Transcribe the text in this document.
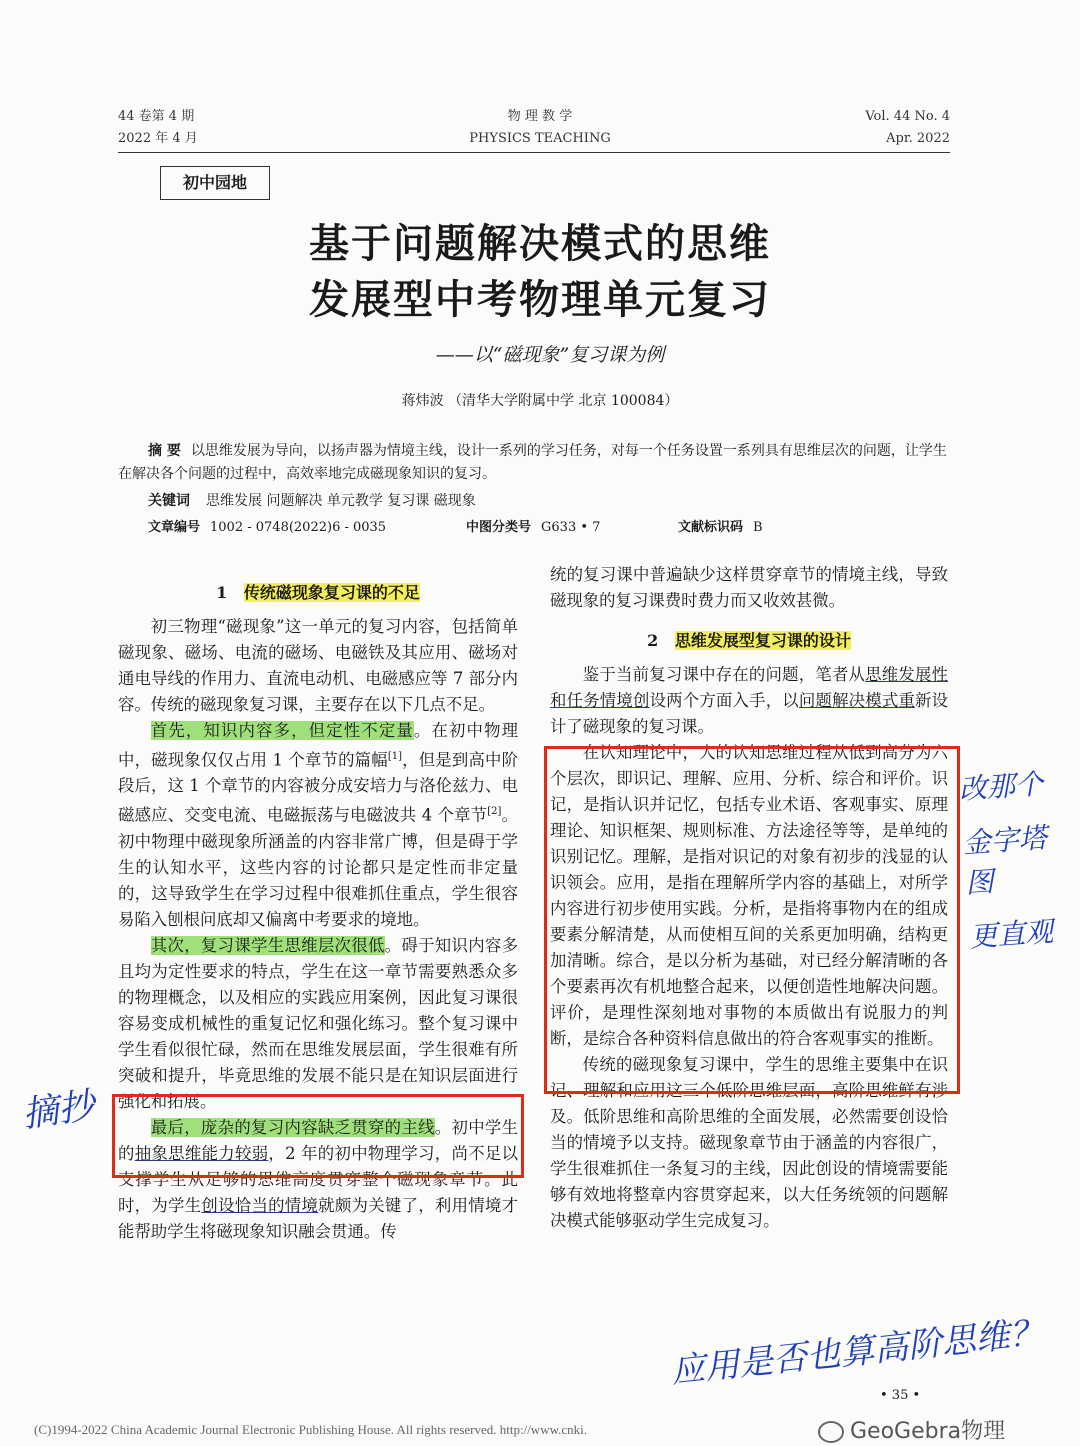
44 卷第 4 期
2022 年 4 月
物 理 教 学
PHYSICS TEACHING
Vol. 44 No. 4
Apr. 2022
初中园地
基于问题解决模式的思维
发展型中考物理单元复习
——以“磁现象”复习课为例
蒋炜波 （清华大学附属中学 北京 100084）
摘 要 以思维发展为导向，以扬声器为情境主线，设计一系列的学习任务，对每一个任务设置一系列具有思维层次的问题，让学生在解决各个问题的过程中，高效率地完成磁现象知识的复习。
关键词 思维发展 问题解决 单元教学 复习课 磁现象
文章编号 1002 - 0748(2022)6 - 0035	中图分类号 G633 • 7	文献标识码 B
1 传统磁现象复习课的不足

初三物理“磁现象”这一单元的复习内容，包括简单磁现象、磁场、电流的磁场、电磁铁及其应用、磁场对通电导线的作用力、直流电动机、电磁感应等 7 部分内容。传统的磁现象复习课，主要存在以下几点不足。

首先，知识内容多，但定性不定量。在初中物理中，磁现象仅仅占用 1 个章节的篇幅[1]，但是到高中阶段后，这 1 个章节的内容被分成安培力与洛伦兹力、电磁感应、交变电流、电磁振荡与电磁波共 4 个章节[2]。初中物理中磁现象所涵盖的内容非常广博，但是碍于学生的认知水平，这些内容的讨论都只是定性而非定量的，这导致学生在学习过程中很难抓住重点，学生很容易陷入刨根问底却又偏离中考要求的境地。

其次，复习课学生思维层次很低。碍于知识内容多且均为定性要求的特点，学生在这一章节需要熟悉众多的物理概念，以及相应的实践应用案例，因此复习课很容易变成机械性的重复记忆和强化练习。整个复习课中学生看似很忙碌，然而在思维发展层面，学生很难有所突破和提升，毕竟思维的发展不能只是在知识层面进行强化和拓展。

最后，庞杂的复习内容缺乏贯穿的主线。初中学生的抽象思维能力较弱，2 年的初中物理学习，尚不足以支撑学生从足够的思维高度贯穿整个磁现象章节。此时，为学生创设恰当的情境就颇为关键了，利用情境才能帮助学生将磁现象知识融会贯通。传

统的复习课中普遍缺少这样贯穿章节的情境主线，导致磁现象的复习课费时费力而又收效甚微。

2 思维发展型复习课的设计

鉴于当前复习课中存在的问题，笔者从思维发展性和任务情境创设两个方面入手，以问题解决模式重新设计了磁现象的复习课。

在认知理论中，人的认知思维过程从低到高分为六个层次，即识记、理解、应用、分析、综合和评价。识记，是指认识并记忆，包括专业术语、客观事实、原理理论、知识框架、规则标准、方法途径等等，是单纯的识别记忆。理解，是指对识记的对象有初步的浅显的认识领会。应用，是指在理解所学内容的基础上，对所学内容进行初步使用实践。分析，是指将事物内在的组成要素分解清楚，从而使相互间的关系更加明确，结构更加清晰。综合，是以分析为基础，对已经分解清晰的各个要素再次有机地整合起来，以便创造性地解决问题。评价，是理性深刻地对事物的本质做出有说服力的判断，是综合各种资料信息做出的符合客观事实的推断。

传统的磁现象复习课中，学生的思维主要集中在识记、理解和应用这三个低阶思维层面，高阶思维鲜有涉及。低阶思维和高阶思维的全面发展，必然需要创设恰当的情境予以支持。磁现象章节由于涵盖的内容很广，学生很难抓住一条复习的主线，因此创设的情境需要能够有效地将整章内容贯穿起来，以大任务统领的问题解决模式能够驱动学生完成复习。

摘抄
改那个
金字塔图
更直观
应用是否也算高阶思维？
• 35 •
(C)1994-2022 China Academic Journal Electronic Publishing House. All rights reserved. http://www.cnki.	GeoGebra物理
